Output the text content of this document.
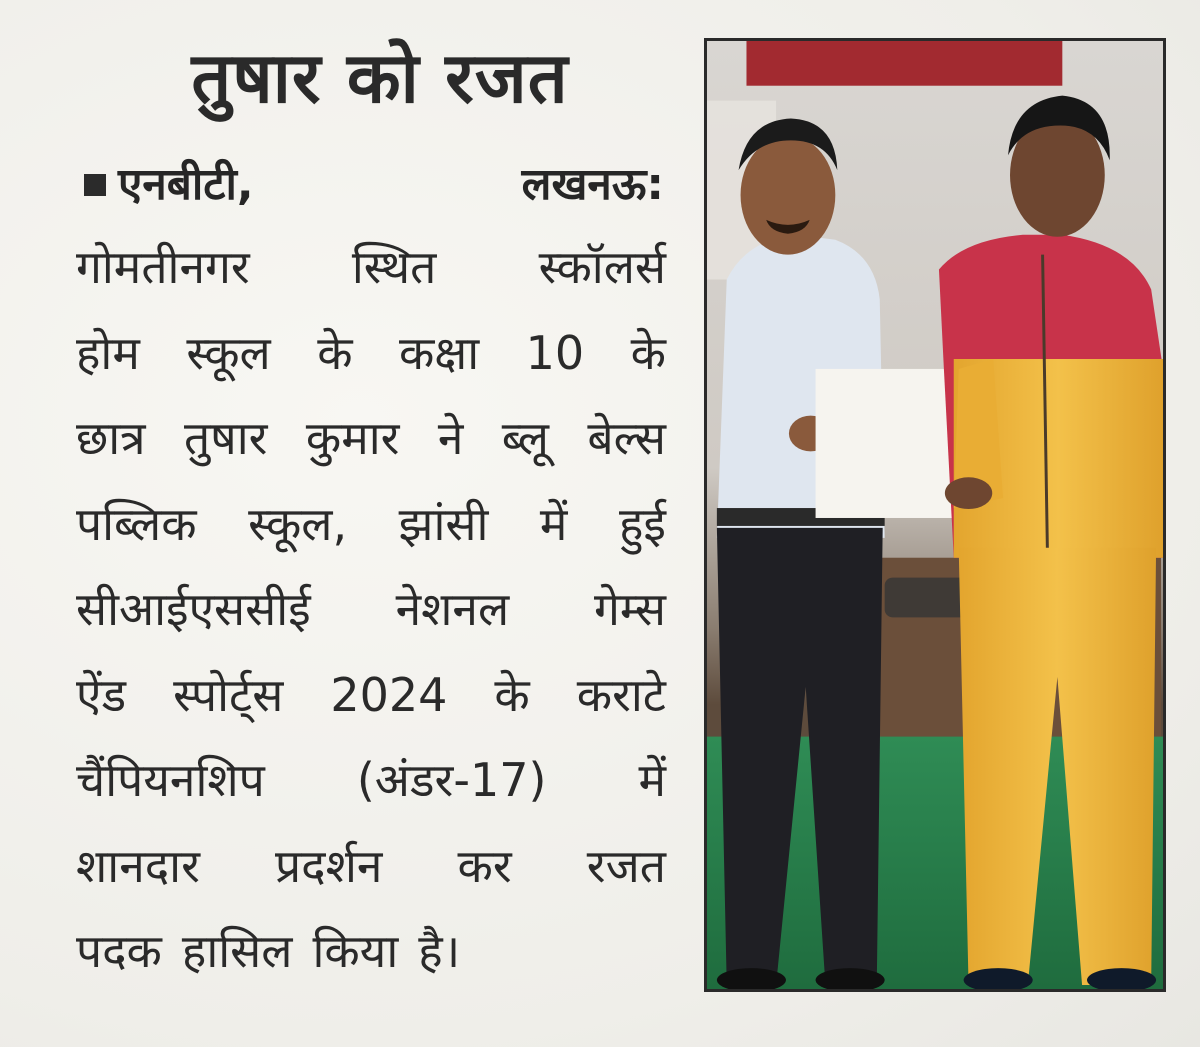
तुषार को रजत
एनबीटी,	लखनऊ:
गोमतीनगर स्थित स्कॉलर्स
होम स्कूल के कक्षा 10 के
छात्र तुषार कुमार ने ब्लू बेल्स
पब्लिक स्कूल, झांसी में हुई
सीआईएससीई नेशनल गेम्स
ऐंड स्पोर्ट्स 2024 के कराटे
चैंपियनशिप (अंडर-17) में
शानदार प्रदर्शन कर रजत
पदक हासिल किया है।
